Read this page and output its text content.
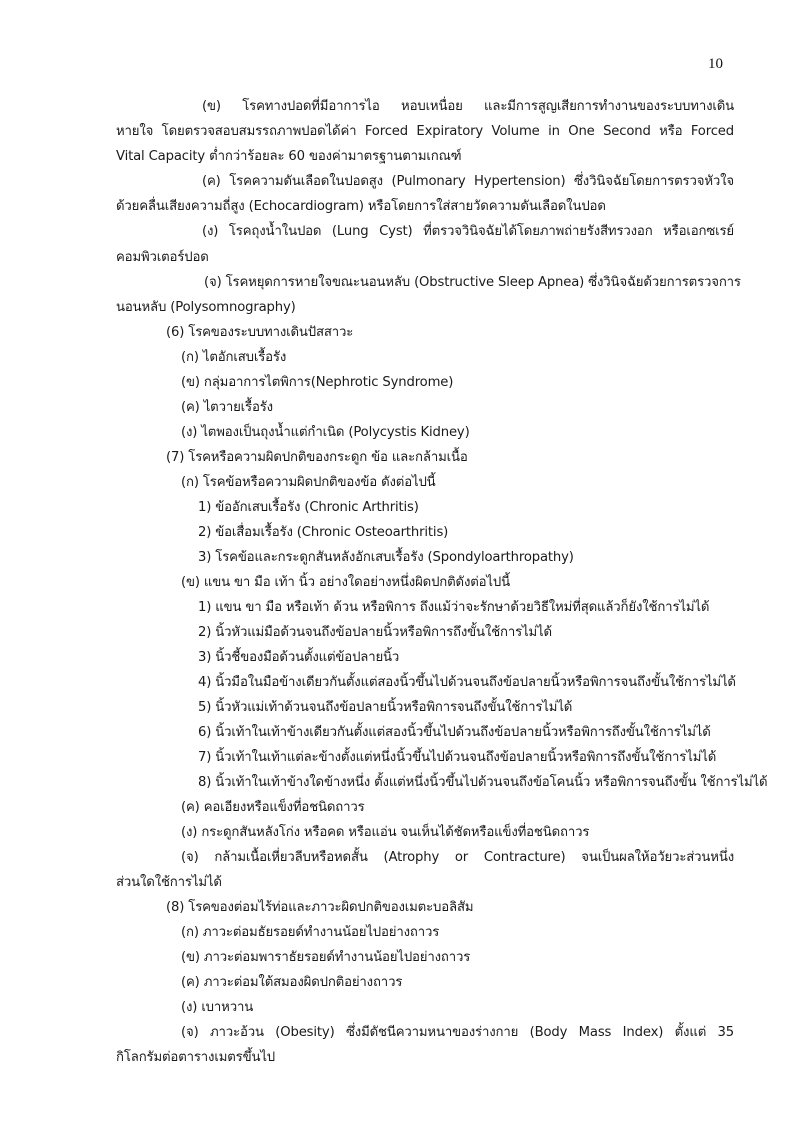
10
(ข) โรคทางปอดที่มีอาการไอ หอบเหนื่อย และมีการสูญเสียการทำงานของระบบทางเดิน
หายใจ โดยตรวจสอบสมรรถภาพปอดได้ค่า Forced Expiratory Volume in One Second หรือ Forced
Vital Capacity ต่ำกว่าร้อยละ 60 ของค่ามาตรฐานตามเกณฑ์
(ค) โรคความดันเลือดในปอดสูง (Pulmonary Hypertension) ซึ่งวินิจฉัยโดยการตรวจหัวใจ
ด้วยคลื่นเสียงความถี่สูง (Echocardiogram) หรือโดยการใส่สายวัดความดันเลือดในปอด
(ง) โรคถุงน้ำในปอด (Lung Cyst) ที่ตรวจวินิจฉัยได้โดยภาพถ่ายรังสีทรวงอก หรือเอกซเรย์
คอมพิวเตอร์ปอด
(จ) โรคหยุดการหายใจขณะนอนหลับ (Obstructive Sleep Apnea) ซึ่งวินิจฉัยด้วยการตรวจการ
นอนหลับ (Polysomnography)
(6) โรคของระบบทางเดินปัสสาวะ
(ก) ไตอักเสบเรื้อรัง
(ข) กลุ่มอาการไตพิการ(Nephrotic Syndrome)
(ค) ไตวายเรื้อรัง
(ง) ไตพองเป็นถุงน้ำแต่กำเนิด (Polycystis Kidney)
(7) โรคหรือความผิดปกติของกระดูก ข้อ และกล้ามเนื้อ
(ก) โรคข้อหรือความผิดปกติของข้อ ดังต่อไปนี้
1) ข้ออักเสบเรื้อรัง (Chronic Arthritis)
2) ข้อเสื่อมเรื้อรัง (Chronic Osteoarthritis)
3) โรคข้อและกระดูกสันหลังอักเสบเรื้อรัง (Spondyloarthropathy)
(ข) แขน ขา มือ เท้า นิ้ว อย่างใดอย่างหนึ่งผิดปกติดังต่อไปนี้
1) แขน ขา มือ หรือเท้า ด้วน หรือพิการ ถึงแม้ว่าจะรักษาด้วยวิธีใหม่ที่สุดแล้วก็ยังใช้การไม่ได้
2) นิ้วหัวแม่มือด้วนจนถึงข้อปลายนิ้วหรือพิการถึงขั้นใช้การไม่ได้
3) นิ้วชี้ของมือด้วนตั้งแต่ข้อปลายนิ้ว
4) นิ้วมือในมือข้างเดียวกันตั้งแต่สองนิ้วขึ้นไปด้วนจนถึงข้อปลายนิ้วหรือพิการจนถึงขั้นใช้การไม่ได้
5) นิ้วหัวแม่เท้าด้วนจนถึงข้อปลายนิ้วหรือพิการจนถึงขั้นใช้การไม่ได้
6) นิ้วเท้าในเท้าข้างเดียวกันตั้งแต่สองนิ้วขึ้นไปด้วนถึงข้อปลายนิ้วหรือพิการถึงขั้นใช้การไม่ได้
7) นิ้วเท้าในเท้าแต่ละข้างตั้งแต่หนึ่งนิ้วขึ้นไปด้วนจนถึงข้อปลายนิ้วหรือพิการถึงขั้นใช้การไม่ได้
8) นิ้วเท้าในเท้าข้างใดข้างหนึ่ง ตั้งแต่หนึ่งนิ้วขึ้นไปด้วนจนถึงข้อโคนนิ้ว หรือพิการจนถึงขั้น ใช้การไม่ได้
(ค) คอเอียงหรือแข็งที่อชนิดถาวร
(ง) กระดูกสันหลังโก่ง หรือคด หรือแอ่น จนเห็นได้ชัดหรือแข็งที่อชนิดถาวร
(จ) กล้ามเนื้อเหี่ยวลีบหรือหดสั้น (Atrophy or Contracture) จนเป็นผลให้อวัยวะส่วนหนึ่ง
ส่วนใดใช้การไม่ได้
(8) โรคของต่อมไร้ท่อและภาวะผิดปกติของเมตะบอลิสัม
(ก) ภาวะต่อมธัยรอยด์ทำงานน้อยไปอย่างถาวร
(ข) ภาวะต่อมพาราธัยรอยด์ทำงานน้อยไปอย่างถาวร
(ค) ภาวะต่อมใต้สมองผิดปกติอย่างถาวร
(ง) เบาหวาน
(จ) ภาวะอ้วน (Obesity) ซึ่งมีดัชนีความหนาของร่างกาย (Body Mass Index) ตั้งแต่ 35
กิโลกรัมต่อตารางเมตรขึ้นไป
